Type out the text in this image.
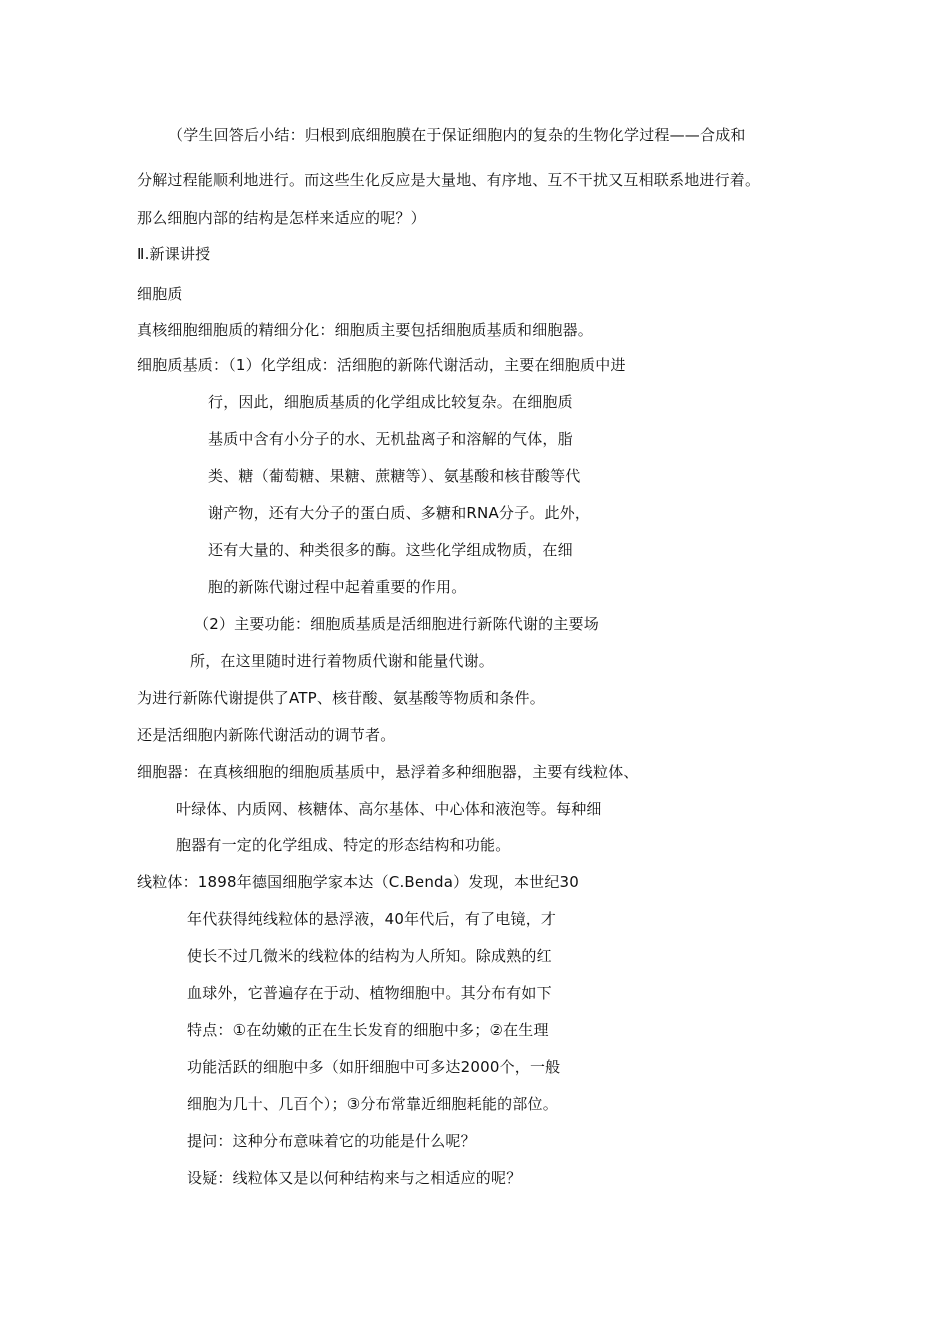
（学生回答后小结：归根到底细胞膜在于保证细胞内的复杂的生物化学过程——合成和
分解过程能顺利地进行。而这些生化反应是大量地、有序地、互不干扰又互相联系地进行着。
那么细胞内部的结构是怎样来适应的呢？）
Ⅱ.新课讲授
细胞质
真核细胞细胞质的精细分化：细胞质主要包括细胞质基质和细胞器。
细胞质基质：（1）化学组成：活细胞的新陈代谢活动，主要在细胞质中进
行，因此，细胞质基质的化学组成比较复杂。在细胞质
基质中含有小分子的水、无机盐离子和溶解的气体，脂
类、糖（葡萄糖、果糖、蔗糖等）、氨基酸和核苷酸等代
谢产物，还有大分子的蛋白质、多糖和RNA分子。此外，
还有大量的、种类很多的酶。这些化学组成物质，在细
胞的新陈代谢过程中起着重要的作用。
（2）主要功能：细胞质基质是活细胞进行新陈代谢的主要场
所，在这里随时进行着物质代谢和能量代谢。
为进行新陈代谢提供了ATP、核苷酸、氨基酸等物质和条件。
还是活细胞内新陈代谢活动的调节者。
细胞器：在真核细胞的细胞质基质中，悬浮着多种细胞器，主要有线粒体、
叶绿体、内质网、核糖体、高尔基体、中心体和液泡等。每种细
胞器有一定的化学组成、特定的形态结构和功能。
线粒体：1898年德国细胞学家本达（C.Benda）发现，本世纪30
年代获得纯线粒体的悬浮液，40年代后，有了电镜，才
使长不过几微米的线粒体的结构为人所知。除成熟的红
血球外，它普遍存在于动、植物细胞中。其分布有如下
特点：①在幼嫩的正在生长发育的细胞中多；②在生理
功能活跃的细胞中多（如肝细胞中可多达2000个，一般
细胞为几十、几百个）；③分布常靠近细胞耗能的部位。
提问：这种分布意味着它的功能是什么呢？
设疑：线粒体又是以何种结构来与之相适应的呢？
